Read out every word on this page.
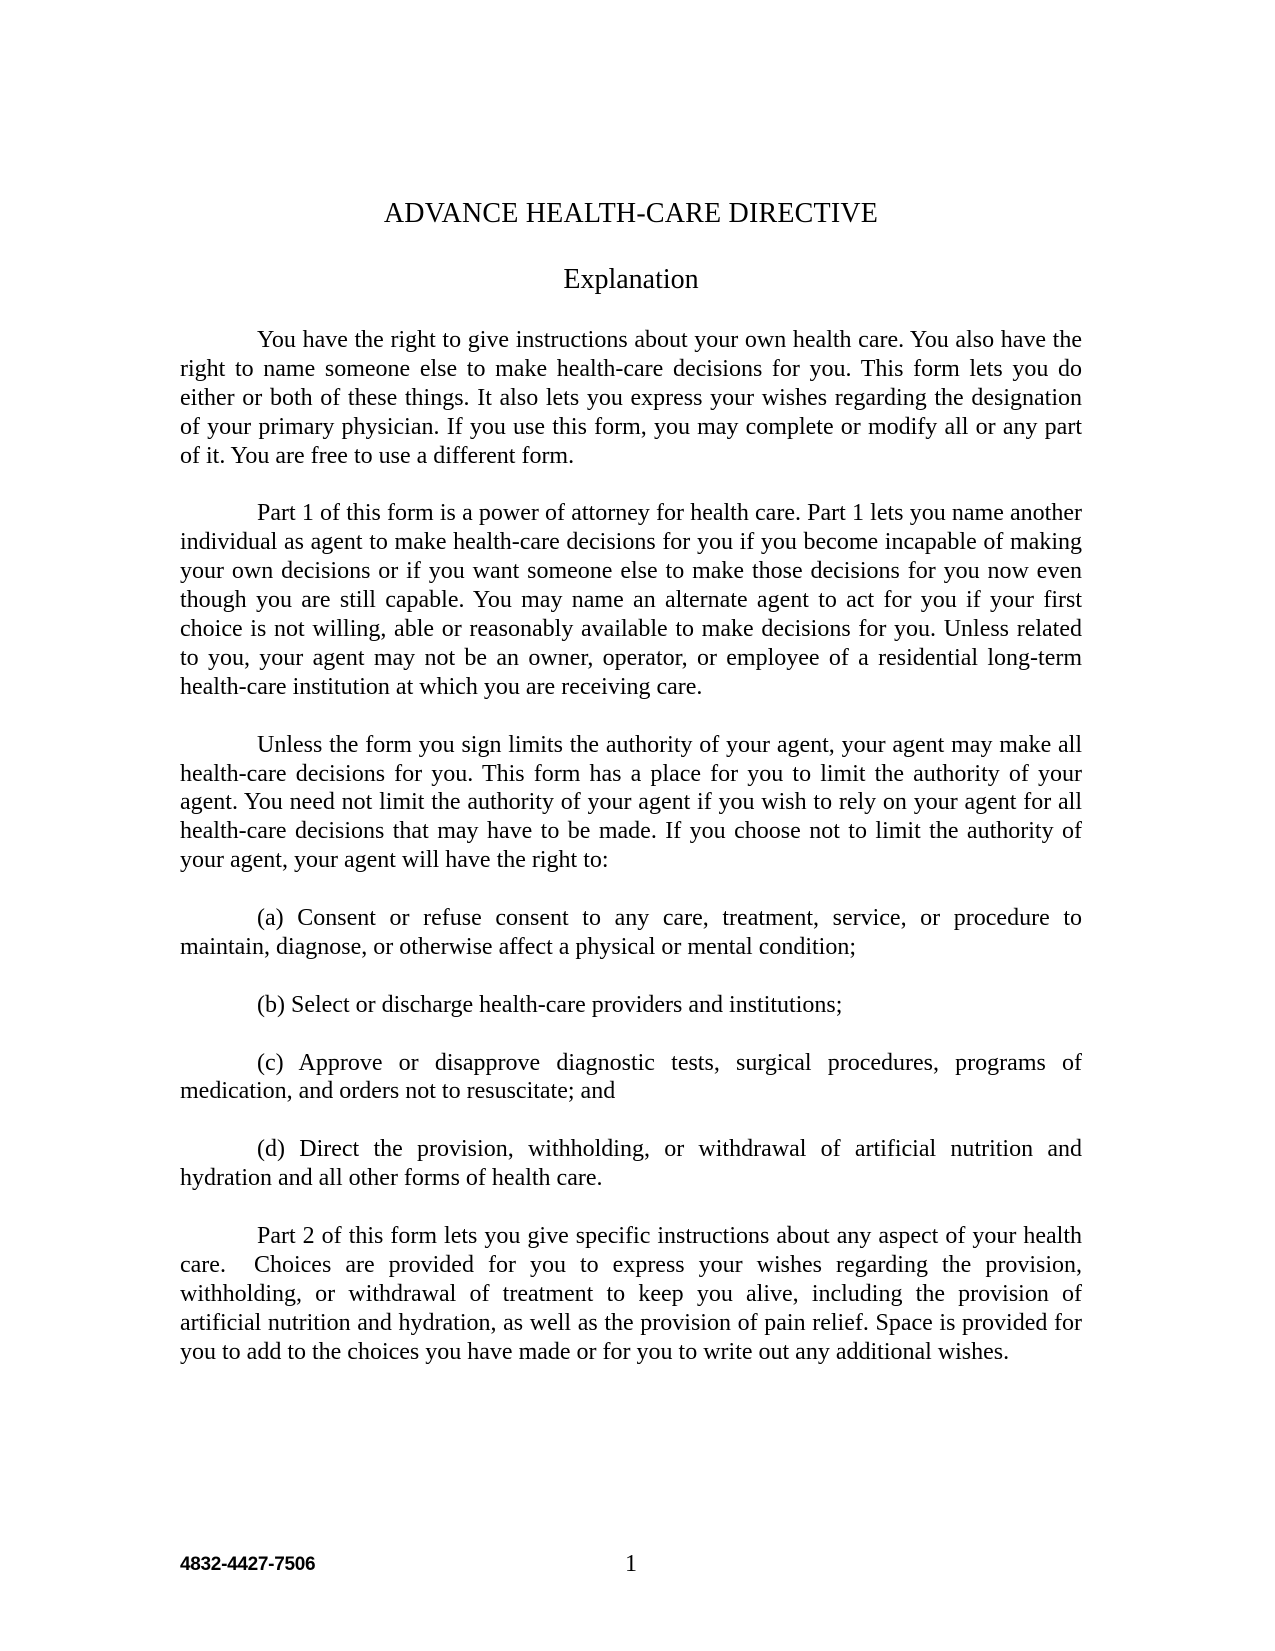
ADVANCE HEALTH-CARE DIRECTIVE
Explanation

You have the right to give instructions about your own health care. You also have the right to name someone else to make health-care decisions for you. This form lets you do either or both of these things. It also lets you express your wishes regarding the designation of your primary physician. If you use this form, you may complete or modify all or any part of it. You are free to use a different form.

Part 1 of this form is a power of attorney for health care. Part 1 lets you name another individual as agent to make health-care decisions for you if you become incapable of making your own decisions or if you want someone else to make those decisions for you now even though you are still capable. You may name an alternate agent to act for you if your first choice is not willing, able or reasonably available to make decisions for you. Unless related to you, your agent may not be an owner, operator, or employee of a residential long-term health-care institution at which you are receiving care.

Unless the form you sign limits the authority of your agent, your agent may make all health-care decisions for you. This form has a place for you to limit the authority of your agent. You need not limit the authority of your agent if you wish to rely on your agent for all health-care decisions that may have to be made. If you choose not to limit the authority of your agent, your agent will have the right to:

(a) Consent or refuse consent to any care, treatment, service, or procedure to maintain, diagnose, or otherwise affect a physical or mental condition;

(b) Select or discharge health-care providers and institutions;

(c) Approve or disapprove diagnostic tests, surgical procedures, programs of medication, and orders not to resuscitate; and

(d) Direct the provision, withholding, or withdrawal of artificial nutrition and hydration and all other forms of health care.

Part 2 of this form lets you give specific instructions about any aspect of your health care.  Choices are provided for you to express your wishes regarding the provision, withholding, or withdrawal of treatment to keep you alive, including the provision of artificial nutrition and hydration, as well as the provision of pain relief. Space is provided for you to add to the choices you have made or for you to write out any additional wishes.

4832-4427-7506	1
